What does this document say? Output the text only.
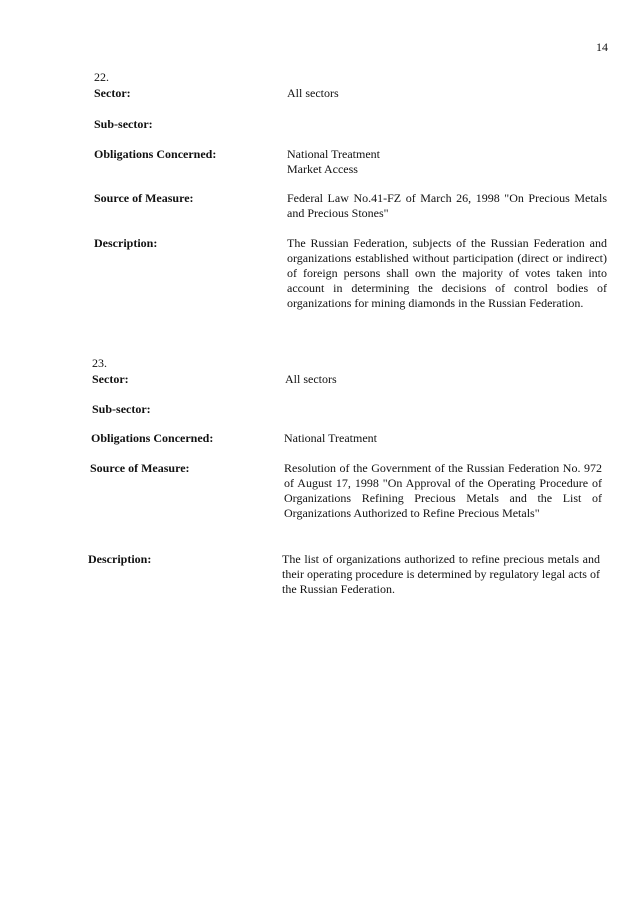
14
22.
Sector:	All sectors
Sub-sector:
Obligations Concerned:	National Treatment
Market Access
Source of Measure:	Federal Law No.41-FZ of March 26, 1998 "On Precious Metals and Precious Stones"
Description:	The Russian Federation, subjects of the Russian Federation and organizations established without participation (direct or indirect) of foreign persons shall own the majority of votes taken into account in determining the decisions of control bodies of organizations for mining diamonds in the Russian Federation.
23.
Sector:	All sectors
Sub-sector:
Obligations Concerned:	National Treatment
Source of Measure:	Resolution of the Government of the Russian Federation No. 972 of August 17, 1998 "On Approval of the Operating Procedure of Organizations Refining Precious Metals and the List of Organizations Authorized to Refine Precious Metals"
Description:	The list of organizations authorized to refine precious metals and their operating procedure is determined by regulatory legal acts of the Russian Federation.
